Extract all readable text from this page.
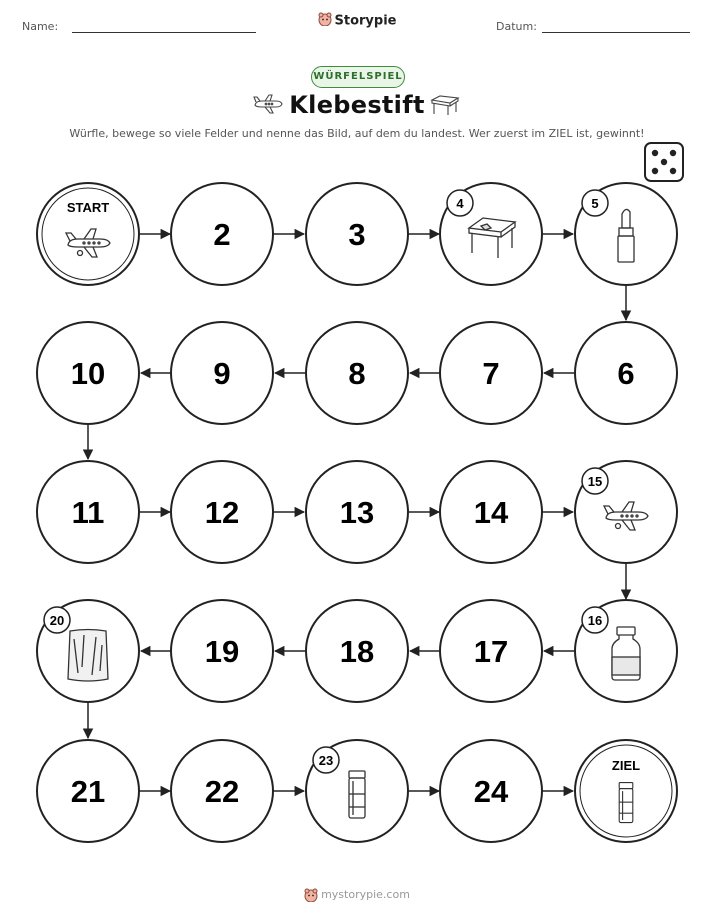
Name:	Storypie	Datum:
WÜRFELSPIEL
Klebestift
Würfle, bewege so viele Felder und nenne das Bild, auf dem du landest. Wer zuerst im ZIEL ist, gewinnt!
START
2	3
4	5
10	9	8	7	6
11	12	13	14
15
20
19	18	17
16
21	22
23
24
ZIEL
mystorypie.com
